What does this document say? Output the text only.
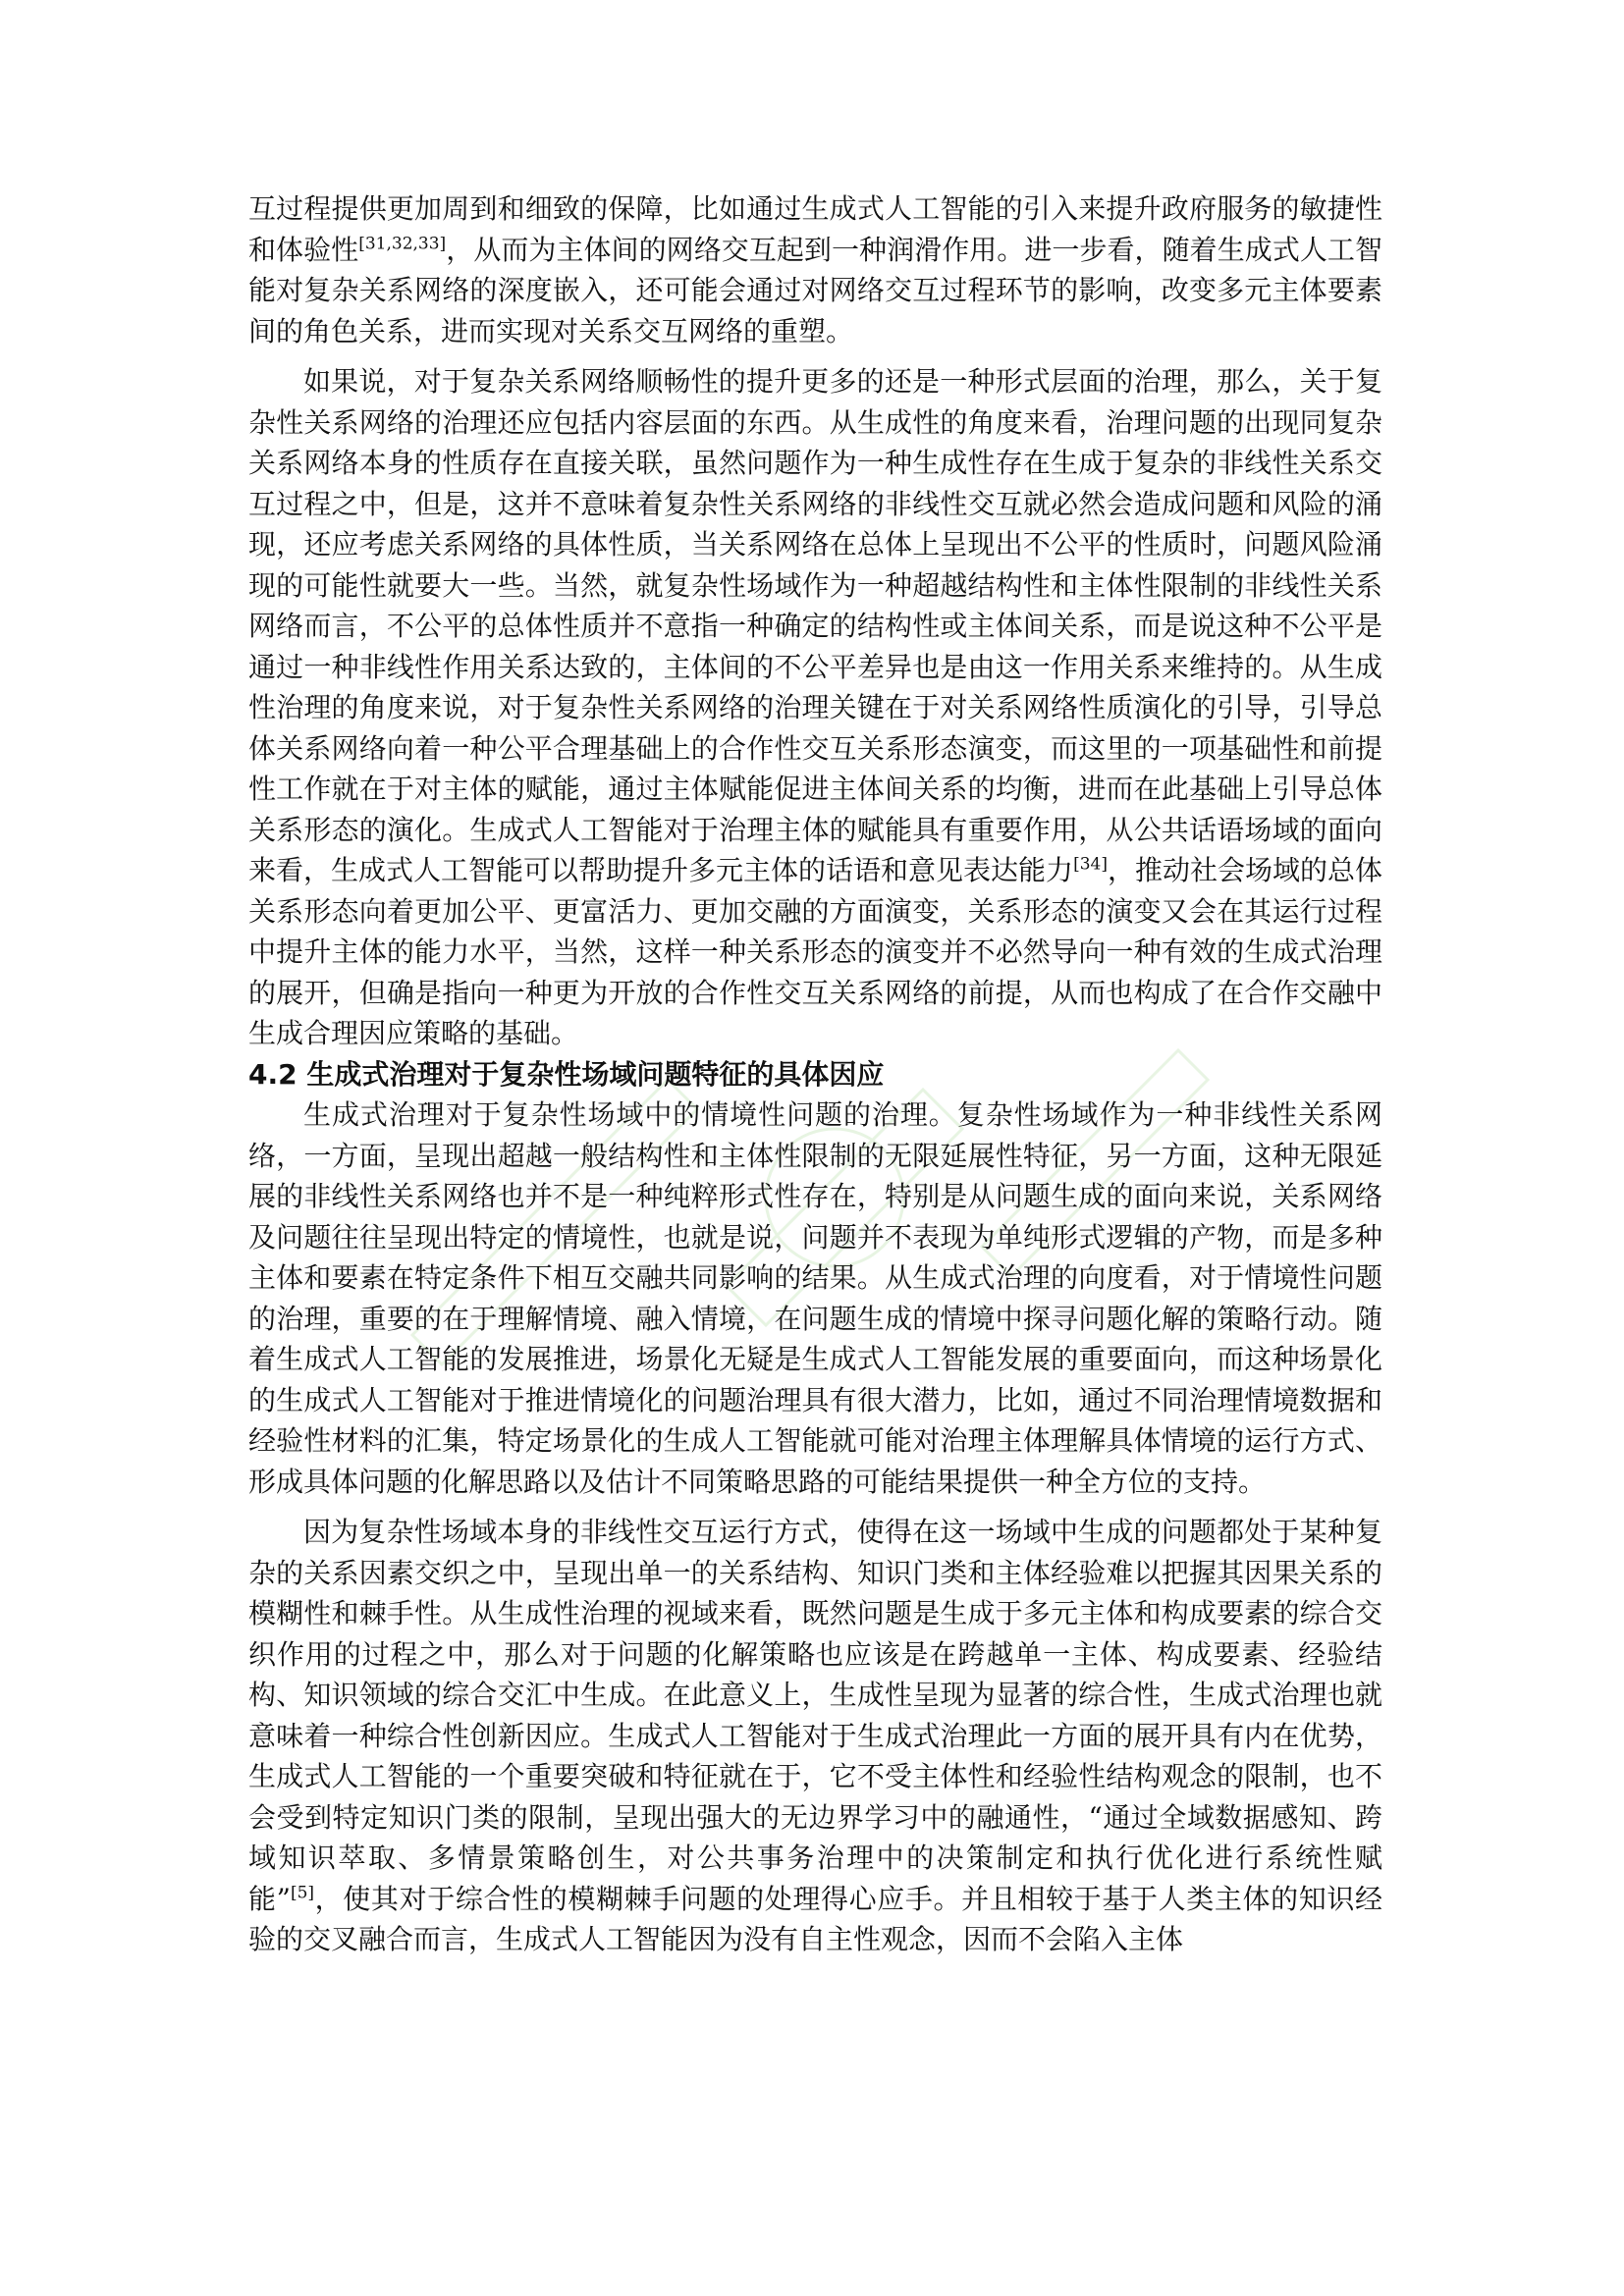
互过程提供更加周到和细致的保障，比如通过生成式人工智能的引入来提升政府服务的敏捷性和体验性[31,32,33]，从而为主体间的网络交互起到一种润滑作用。进一步看，随着生成式人工智能对复杂关系网络的深度嵌入，还可能会通过对网络交互过程环节的影响，改变多元主体要素间的角色关系，进而实现对关系交互网络的重塑。

如果说，对于复杂关系网络顺畅性的提升更多的还是一种形式层面的治理，那么，关于复杂性关系网络的治理还应包括内容层面的东西。从生成性的角度来看，治理问题的出现同复杂关系网络本身的性质存在直接关联，虽然问题作为一种生成性存在生成于复杂的非线性关系交互过程之中，但是，这并不意味着复杂性关系网络的非线性交互就必然会造成问题和风险的涌现，还应考虑关系网络的具体性质，当关系网络在总体上呈现出不公平的性质时，问题风险涌现的可能性就要大一些。当然，就复杂性场域作为一种超越结构性和主体性限制的非线性关系网络而言，不公平的总体性质并不意指一种确定的结构性或主体间关系，而是说这种不公平是通过一种非线性作用关系达致的，主体间的不公平差异也是由这一作用关系来维持的。从生成性治理的角度来说，对于复杂性关系网络的治理关键在于对关系网络性质演化的引导，引导总体关系网络向着一种公平合理基础上的合作性交互关系形态演变，而这里的一项基础性和前提性工作就在于对主体的赋能，通过主体赋能促进主体间关系的均衡，进而在此基础上引导总体关系形态的演化。生成式人工智能对于治理主体的赋能具有重要作用，从公共话语场域的面向来看，生成式人工智能可以帮助提升多元主体的话语和意见表达能力[34]，推动社会场域的总体关系形态向着更加公平、更富活力、更加交融的方面演变，关系形态的演变又会在其运行过程中提升主体的能力水平，当然，这样一种关系形态的演变并不必然导向一种有效的生成式治理的展开，但确是指向一种更为开放的合作性交互关系网络的前提，从而也构成了在合作交融中生成合理因应策略的基础。

4.2 生成式治理对于复杂性场域问题特征的具体因应

生成式治理对于复杂性场域中的情境性问题的治理。复杂性场域作为一种非线性关系网络，一方面，呈现出超越一般结构性和主体性限制的无限延展性特征，另一方面，这种无限延展的非线性关系网络也并不是一种纯粹形式性存在，特别是从问题生成的面向来说，关系网络及问题往往呈现出特定的情境性，也就是说，问题并不表现为单纯形式逻辑的产物，而是多种主体和要素在特定条件下相互交融共同影响的结果。从生成式治理的向度看，对于情境性问题的治理，重要的在于理解情境、融入情境，在问题生成的情境中探寻问题化解的策略行动。随着生成式人工智能的发展推进，场景化无疑是生成式人工智能发展的重要面向，而这种场景化的生成式人工智能对于推进情境化的问题治理具有很大潜力，比如，通过不同治理情境数据和经验性材料的汇集，特定场景化的生成人工智能就可能对治理主体理解具体情境的运行方式、形成具体问题的化解思路以及估计不同策略思路的可能结果提供一种全方位的支持。

因为复杂性场域本身的非线性交互运行方式，使得在这一场域中生成的问题都处于某种复杂的关系因素交织之中，呈现出单一的关系结构、知识门类和主体经验难以把握其因果关系的模糊性和棘手性。从生成性治理的视域来看，既然问题是生成于多元主体和构成要素的综合交织作用的过程之中，那么对于问题的化解策略也应该是在跨越单一主体、构成要素、经验结构、知识领域的综合交汇中生成。在此意义上，生成性呈现为显著的综合性，生成式治理也就意味着一种综合性创新因应。生成式人工智能对于生成式治理此一方面的展开具有内在优势，生成式人工智能的一个重要突破和特征就在于，它不受主体性和经验性结构观念的限制，也不会受到特定知识门类的限制，呈现出强大的无边界学习中的融通性，“通过全域数据感知、跨域知识萃取、多情景策略创生，对公共事务治理中的决策制定和执行优化进行系统性赋能”[5]，使其对于综合性的模糊棘手问题的处理得心应手。并且相较于基于人类主体的知识经验的交叉融合而言，生成式人工智能因为没有自主性观念，因而不会陷入主体
